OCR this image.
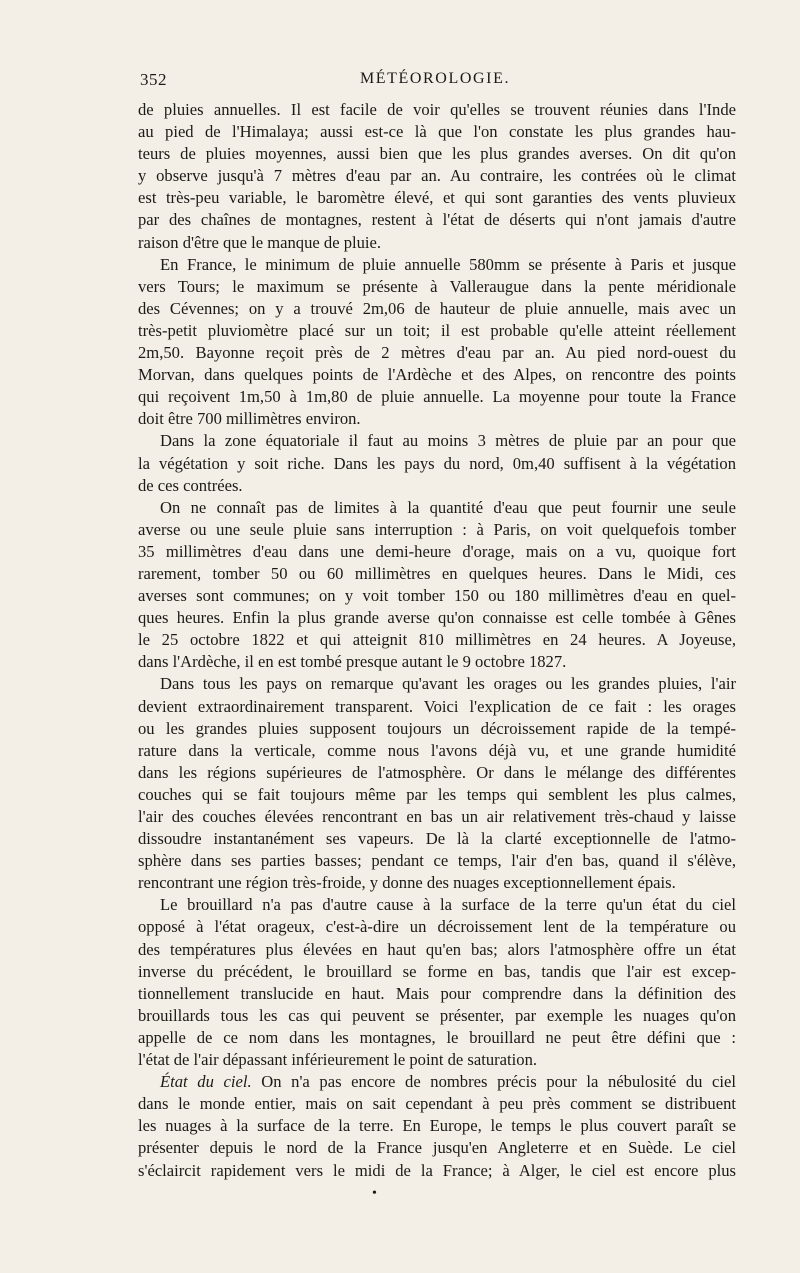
352	MÉTÉOROLOGIE.
de pluies annuelles. Il est facile de voir qu'elles se trouvent réunies dans l'Inde
au pied de l'Himalaya; aussi est-ce là que l'on constate les plus grandes hau-
teurs de pluies moyennes, aussi bien que les plus grandes averses. On dit qu'on
y observe jusqu'à 7 mètres d'eau par an. Au contraire, les contrées où le climat
est très-peu variable, le baromètre élevé, et qui sont garanties des vents pluvieux
par des chaînes de montagnes, restent à l'état de déserts qui n'ont jamais d'autre
raison d'être que le manque de pluie.
En France, le minimum de pluie annuelle 580mm se présente à Paris et jusque
vers Tours; le maximum se présente à Valleraugue dans la pente méridionale
des Cévennes; on y a trouvé 2m,06 de hauteur de pluie annuelle, mais avec un
très-petit pluviomètre placé sur un toit; il est probable qu'elle atteint réellement
2m,50. Bayonne reçoit près de 2 mètres d'eau par an. Au pied nord-ouest du
Morvan, dans quelques points de l'Ardèche et des Alpes, on rencontre des points
qui reçoivent 1m,50 à 1m,80 de pluie annuelle. La moyenne pour toute la France
doit être 700 millimètres environ.
Dans la zone équatoriale il faut au moins 3 mètres de pluie par an pour que
la végétation y soit riche. Dans les pays du nord, 0m,40 suffisent à la végétation
de ces contrées.
On ne connaît pas de limites à la quantité d'eau que peut fournir une seule
averse ou une seule pluie sans interruption : à Paris, on voit quelquefois tomber
35 millimètres d'eau dans une demi-heure d'orage, mais on a vu, quoique fort
rarement, tomber 50 ou 60 millimètres en quelques heures. Dans le Midi, ces
averses sont communes; on y voit tomber 150 ou 180 millimètres d'eau en quel-
ques heures. Enfin la plus grande averse qu'on connaisse est celle tombée à Gênes
le 25 octobre 1822 et qui atteignit 810 millimètres en 24 heures. A Joyeuse,
dans l'Ardèche, il en est tombé presque autant le 9 octobre 1827.
Dans tous les pays on remarque qu'avant les orages ou les grandes pluies, l'air
devient extraordinairement transparent. Voici l'explication de ce fait : les orages
ou les grandes pluies supposent toujours un décroissement rapide de la tempé-
rature dans la verticale, comme nous l'avons déjà vu, et une grande humidité
dans les régions supérieures de l'atmosphère. Or dans le mélange des différentes
couches qui se fait toujours même par les temps qui semblent les plus calmes,
l'air des couches élevées rencontrant en bas un air relativement très-chaud y laisse
dissoudre instantanément ses vapeurs. De là la clarté exceptionnelle de l'atmo-
sphère dans ses parties basses; pendant ce temps, l'air d'en bas, quand il s'élève,
rencontrant une région très-froide, y donne des nuages exceptionnellement épais.
Le brouillard n'a pas d'autre cause à la surface de la terre qu'un état du ciel
opposé à l'état orageux, c'est-à-dire un décroissement lent de la température ou
des températures plus élevées en haut qu'en bas; alors l'atmosphère offre un état
inverse du précédent, le brouillard se forme en bas, tandis que l'air est excep-
tionnellement translucide en haut. Mais pour comprendre dans la définition des
brouillards tous les cas qui peuvent se présenter, par exemple les nuages qu'on
appelle de ce nom dans les montagnes, le brouillard ne peut être défini que :
l'état de l'air dépassant inférieurement le point de saturation.
État du ciel. On n'a pas encore de nombres précis pour la nébulosité du ciel
dans le monde entier, mais on sait cependant à peu près comment se distribuent
les nuages à la surface de la terre. En Europe, le temps le plus couvert paraît se
présenter depuis le nord de la France jusqu'en Angleterre et en Suède. Le ciel
s'éclaircit rapidement vers le midi de la France; à Alger, le ciel est encore plus
•
